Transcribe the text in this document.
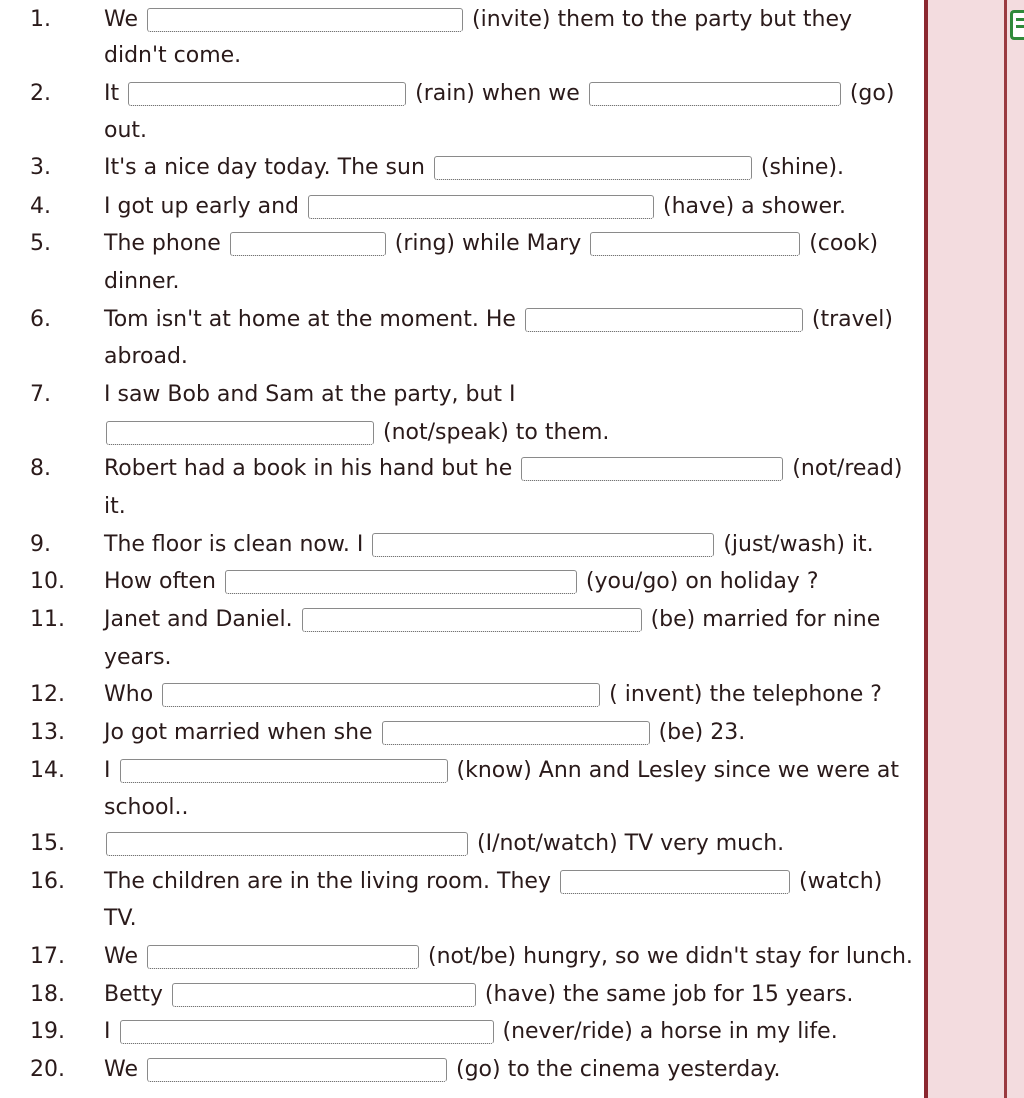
1.	We	(invite) them to the party but they
didn't come.
2.	It	(rain) when we	(go)
out.
3.	It's a nice day today. The sun	(shine).
4.	I got up early and	(have) a shower.
5.	The phone	(ring) while Mary	(cook)
dinner.
6.	Tom isn't at home at the moment. He	(travel)
abroad.
7.	I saw Bob and Sam at the party, but I
(not/speak) to them.
8.	Robert had a book in his hand but he	(not/read)
it.
9.	The floor is clean now. I	(just/wash) it.
10.	How often	(you/go) on holiday ?
11.	Janet and Daniel.	(be) married for nine
years.
12.	Who	( invent) the telephone ?
13.	Jo got married when she	(be) 23.
14.	I	(know) Ann and Lesley since we were at
school..
15.	(I/not/watch) TV very much.
16.	The children are in the living room. They	(watch)
TV.
17.	We	(not/be) hungry, so we didn't stay for lunch.
18.	Betty	(have) the same job for 15 years.
19.	I	(never/ride) a horse in my life.
20.	We	(go) to the cinema yesterday.
